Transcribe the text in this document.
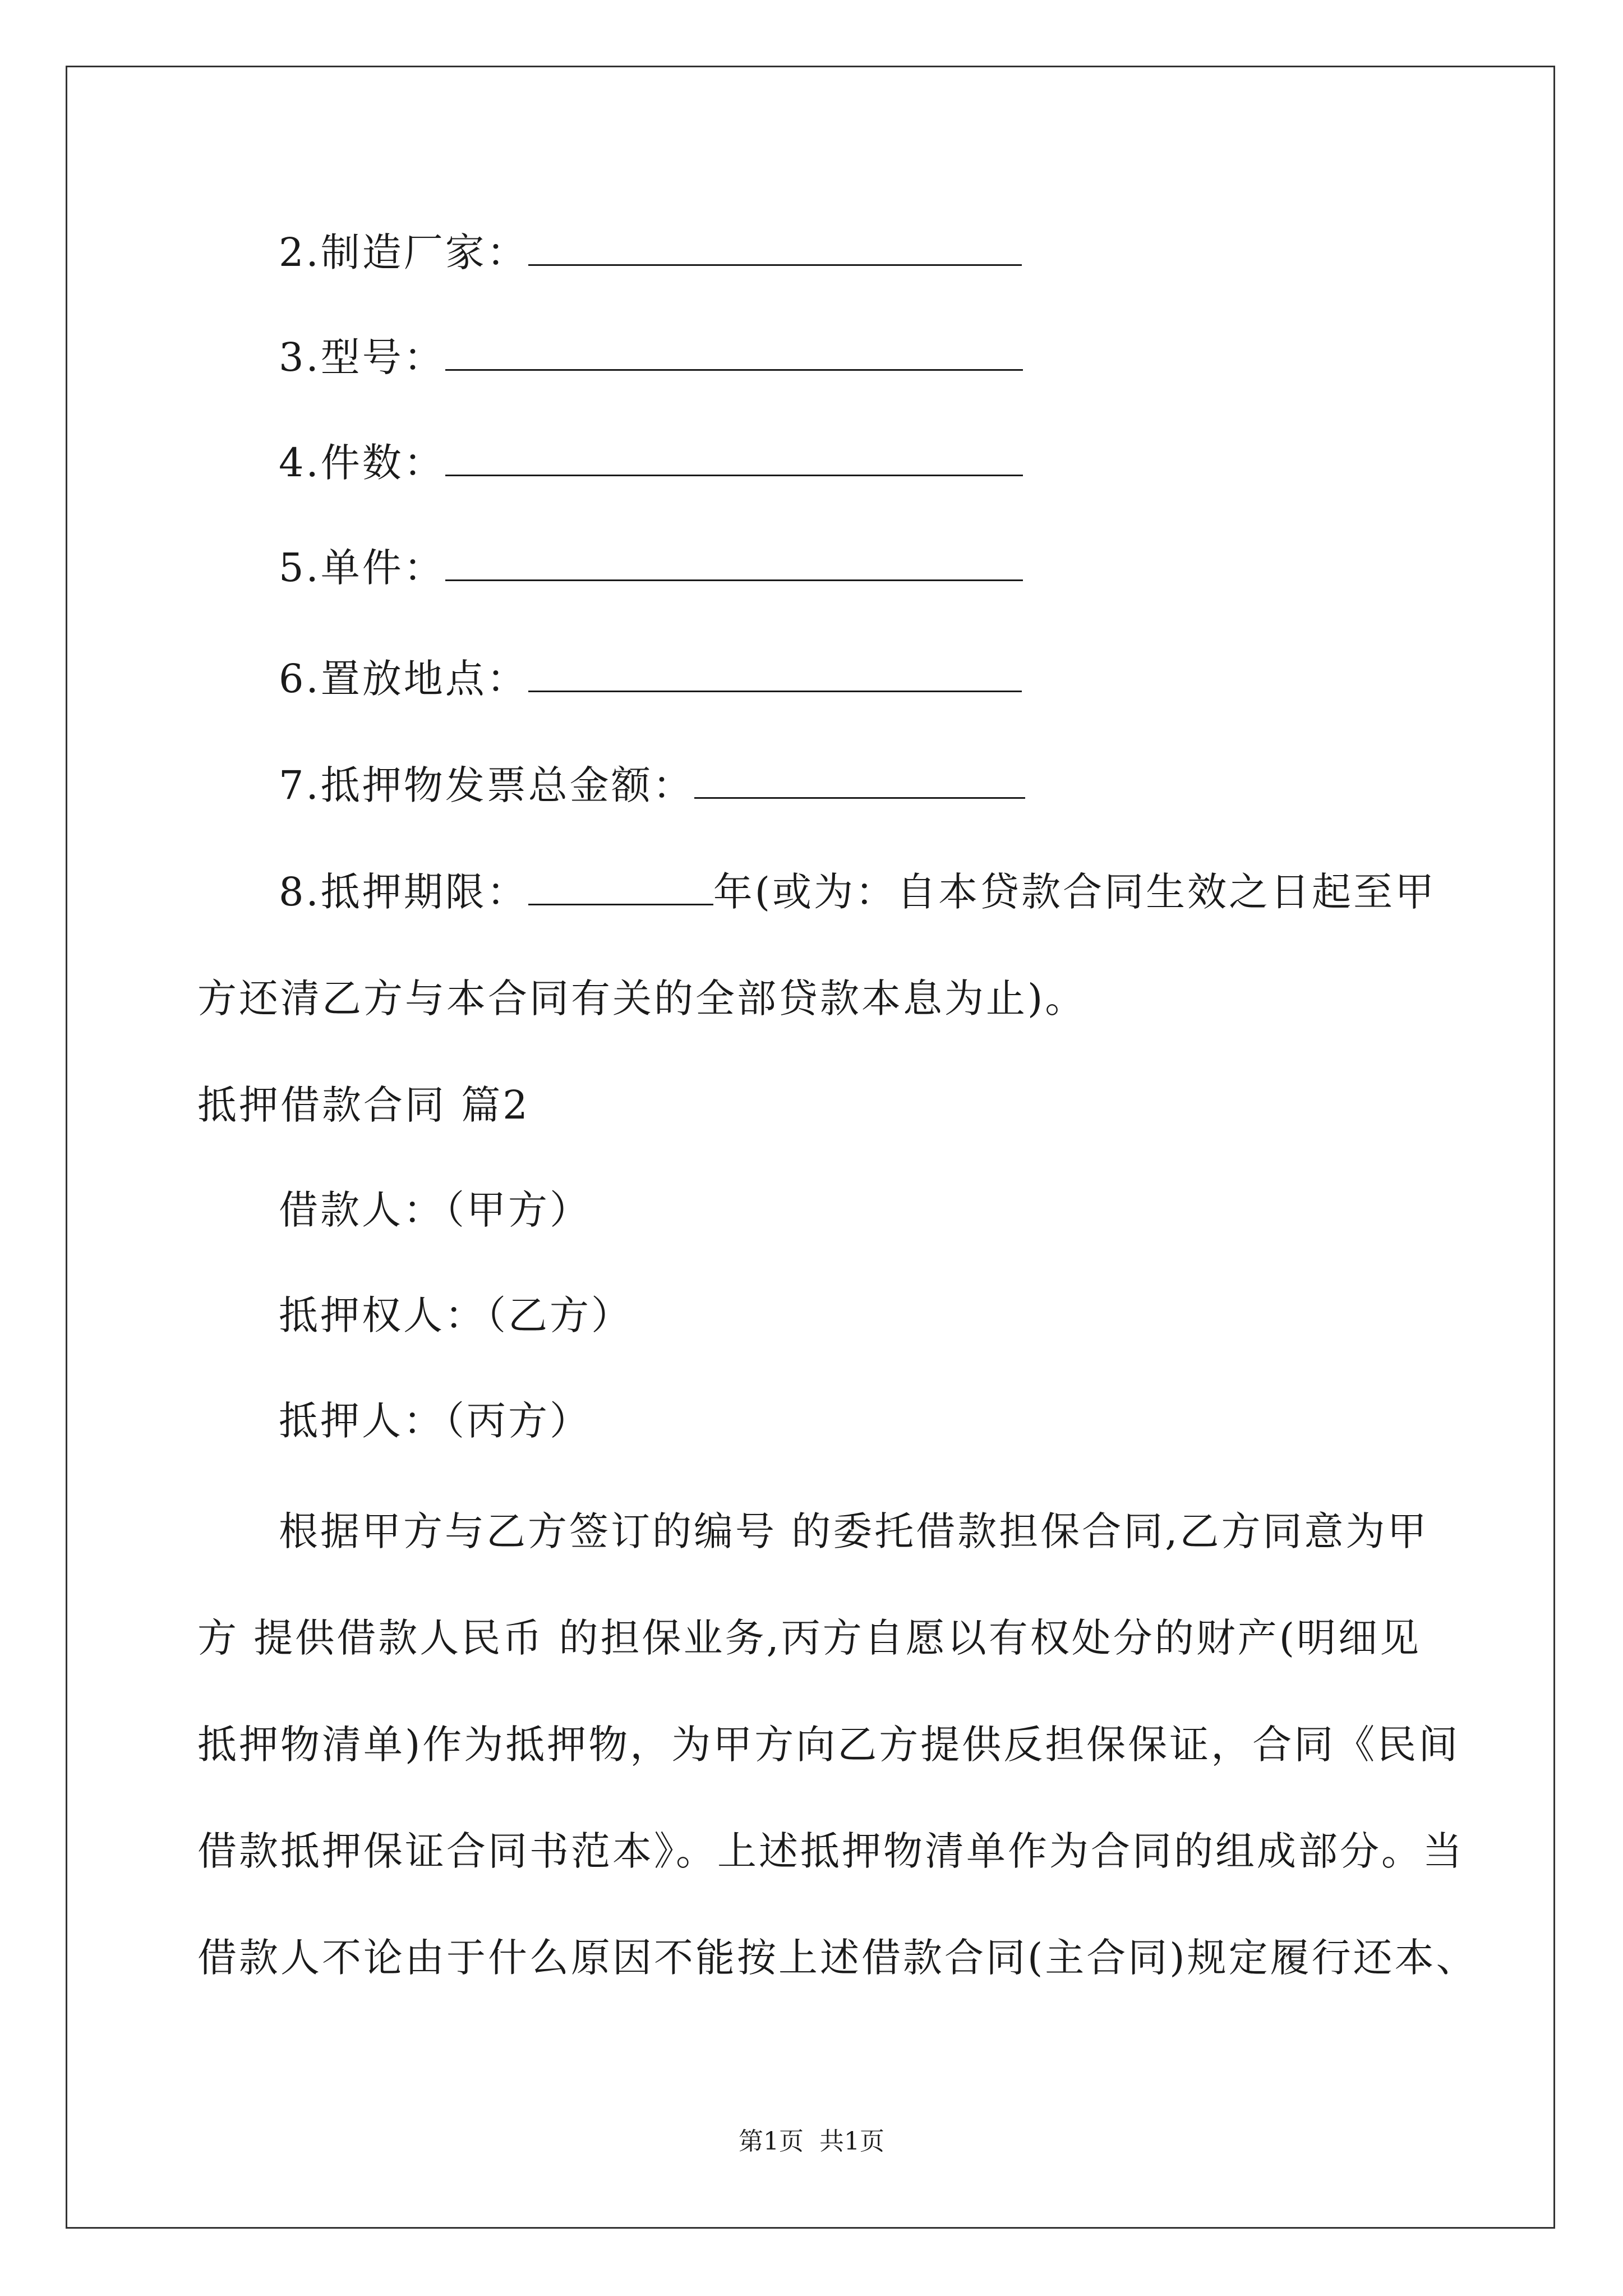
2.制造厂家：
3.型号：
4.件数：
5.单件：
6.置放地点：
7.抵押物发票总金额：
8.抵押期限：	年(或为：自本贷款合同生效之日起至甲
方还清乙方与本合同有关的全部贷款本息为止)。
抵押借款合同 篇2
借款人：（甲方）
抵押权人：（乙方）
抵押人：（丙方）
根据甲方与乙方签订的编号 的委托借款担保合同,乙方同意为甲
方 提供借款人民币 的担保业务,丙方自愿以有权处分的财产(明细见
抵押物清单)作为抵押物，为甲方向乙方提供反担保保证，合同《民间
借款抵押保证合同书范本》。上述抵押物清单作为合同的组成部分。当
借款人不论由于什么原因不能按上述借款合同(主合同)规定履行还本、
第1页 共1页
